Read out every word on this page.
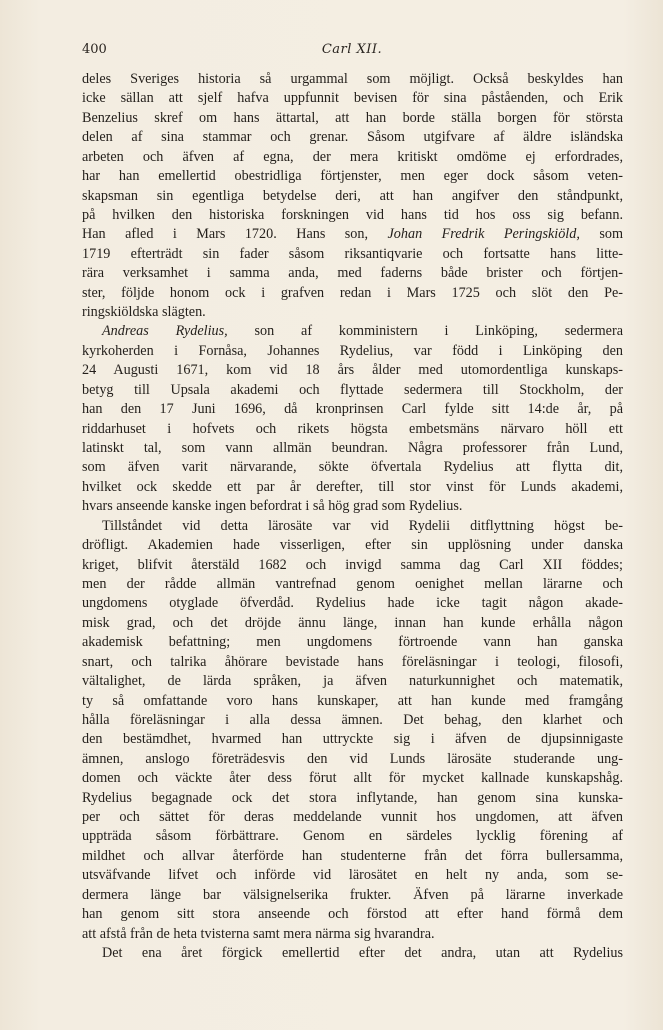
400	Carl XII.
deles Sveriges historia så urgammal som möjligt. Också beskyldes han
icke sällan att sjelf hafva uppfunnit bevisen för sina påståenden, och Erik
Benzelius skref om hans ättartal, att han borde ställa borgen för största
delen af sina stammar och grenar. Såsom utgifvare af äldre isländska
arbeten och äfven af egna, der mera kritiskt omdöme ej erfordrades,
har han emellertid obestridliga förtjenster, men eger dock såsom veten-
skapsman sin egentliga betydelse deri, att han angifver den ståndpunkt,
på hvilken den historiska forskningen vid hans tid hos oss sig befann.
Han afled i Mars 1720. Hans son, Johan Fredrik Peringskiöld, som
1719 efterträdt sin fader såsom riksantiqvarie och fortsatte hans litte-
rära verksamhet i samma anda, med faderns både brister och förtjen-
ster, följde honom ock i grafven redan i Mars 1725 och slöt den Pe-
ringskiöldska slägten.
Andreas Rydelius, son af komministern i Linköping, sedermera
kyrkoherden i Fornåsa, Johannes Rydelius, var född i Linköping den
24 Augusti 1671, kom vid 18 års ålder med utomordentliga kunskaps-
betyg till Upsala akademi och flyttade sedermera till Stockholm, der
han den 17 Juni 1696, då kronprinsen Carl fylde sitt 14:de år, på
riddarhuset i hofvets och rikets högsta embetsmäns närvaro höll ett
latinskt tal, som vann allmän beundran. Några professorer från Lund,
som äfven varit närvarande, sökte öfvertala Rydelius att flytta dit,
hvilket ock skedde ett par år derefter, till stor vinst för Lunds akademi,
hvars anseende kanske ingen befordrat i så hög grad som Rydelius.
Tillståndet vid detta lärosäte var vid Rydelii ditflyttning högst be-
dröfligt. Akademien hade visserligen, efter sin upplösning under danska
kriget, blifvit återstäld 1682 och invigd samma dag Carl XII föddes;
men der rådde allmän vantrefnad genom oenighet mellan lärarne och
ungdomens otyglade öfverdåd. Rydelius hade icke tagit någon akade-
misk grad, och det dröjde ännu länge, innan han kunde erhålla någon
akademisk befattning; men ungdomens förtroende vann han ganska
snart, och talrika åhörare bevistade hans föreläsningar i teologi, filosofi,
vältalighet, de lärda språken, ja äfven naturkunnighet och matematik,
ty så omfattande voro hans kunskaper, att han kunde med framgång
hålla föreläsningar i alla dessa ämnen. Det behag, den klarhet och
den bestämdhet, hvarmed han uttryckte sig i äfven de djupsinnigaste
ämnen, anslogo företrädesvis den vid Lunds lärosäte studerande ung-
domen och väckte åter dess förut allt för mycket kallnade kunskapshåg.
Rydelius begagnade ock det stora inflytande, han genom sina kunska-
per och sättet för deras meddelande vunnit hos ungdomen, att äfven
uppträda såsom förbättrare. Genom en särdeles lycklig förening af
mildhet och allvar återförde han studenterne från det förra bullersamma,
utsväfvande lifvet och införde vid lärosätet en helt ny anda, som se-
dermera länge bar välsignelserika frukter. Äfven på lärarne inverkade
han genom sitt stora anseende och förstod att efter hand förmå dem
att afstå från de heta tvisterna samt mera närma sig hvarandra.
Det ena året förgick emellertid efter det andra, utan att Rydelius
